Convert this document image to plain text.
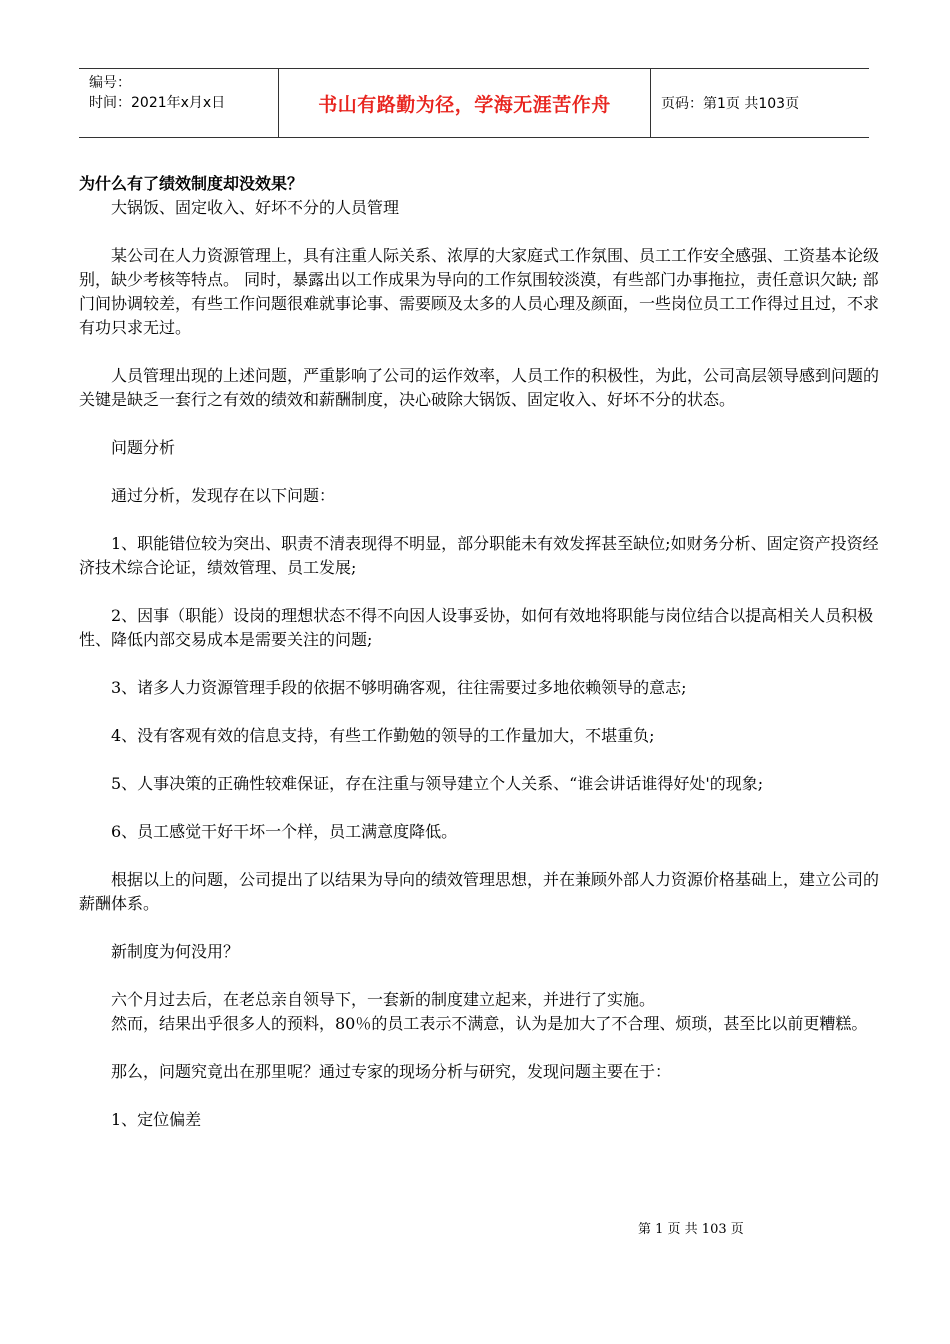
编号：
时间：2021年x月x日	书山有路勤为径，学海无涯苦作舟	页码：第1页 共103页

为什么有了绩效制度却没效果？

大锅饭、固定收入、好坏不分的人员管理

某公司在人力资源管理上，具有注重人际关系、浓厚的大家庭式工作氛围、员工工作安全感强、工资基本论级别，缺少考核等特点。 同时，暴露出以工作成果为导向的工作氛围较淡漠，有些部门办事拖拉，责任意识欠缺; 部门间协调较差，有些工作问题很难就事论事、需要顾及太多的人员心理及颜面，一些岗位员工工作得过且过，不求有功只求无过。

人员管理出现的上述问题，严重影响了公司的运作效率，人员工作的积极性，为此，公司高层领导感到问题的关键是缺乏一套行之有效的绩效和薪酬制度，决心破除大锅饭、固定收入、好坏不分的状态。

问题分析

通过分析，发现存在以下问题：

1、职能错位较为突出、职责不清表现得不明显，部分职能未有效发挥甚至缺位;如财务分析、固定资产投资经济技术综合论证，绩效管理、员工发展;

2、因事（职能）设岗的理想状态不得不向因人设事妥协，如何有效地将职能与岗位结合以提高相关人员积极性、降低内部交易成本是需要关注的问题;

3、诸多人力资源管理手段的依据不够明确客观，往往需要过多地依赖领导的意志;

4、没有客观有效的信息支持，有些工作勤勉的领导的工作量加大，不堪重负;

5、人事决策的正确性较难保证，存在注重与领导建立个人关系、“谁会讲话谁得好处'的现象;

6、员工感觉干好干坏一个样，员工满意度降低。

根据以上的问题，公司提出了以结果为导向的绩效管理思想，并在兼顾外部人力资源价格基础上，建立公司的薪酬体系。

新制度为何没用？

六个月过去后，在老总亲自领导下，一套新的制度建立起来，并进行了实施。

然而，结果出乎很多人的预料，80％的员工表示不满意，认为是加大了不合理、烦琐，甚至比以前更糟糕。

那么，问题究竟出在那里呢？通过专家的现场分析与研究，发现问题主要在于：

1、定位偏差

第 1 页 共 103 页
